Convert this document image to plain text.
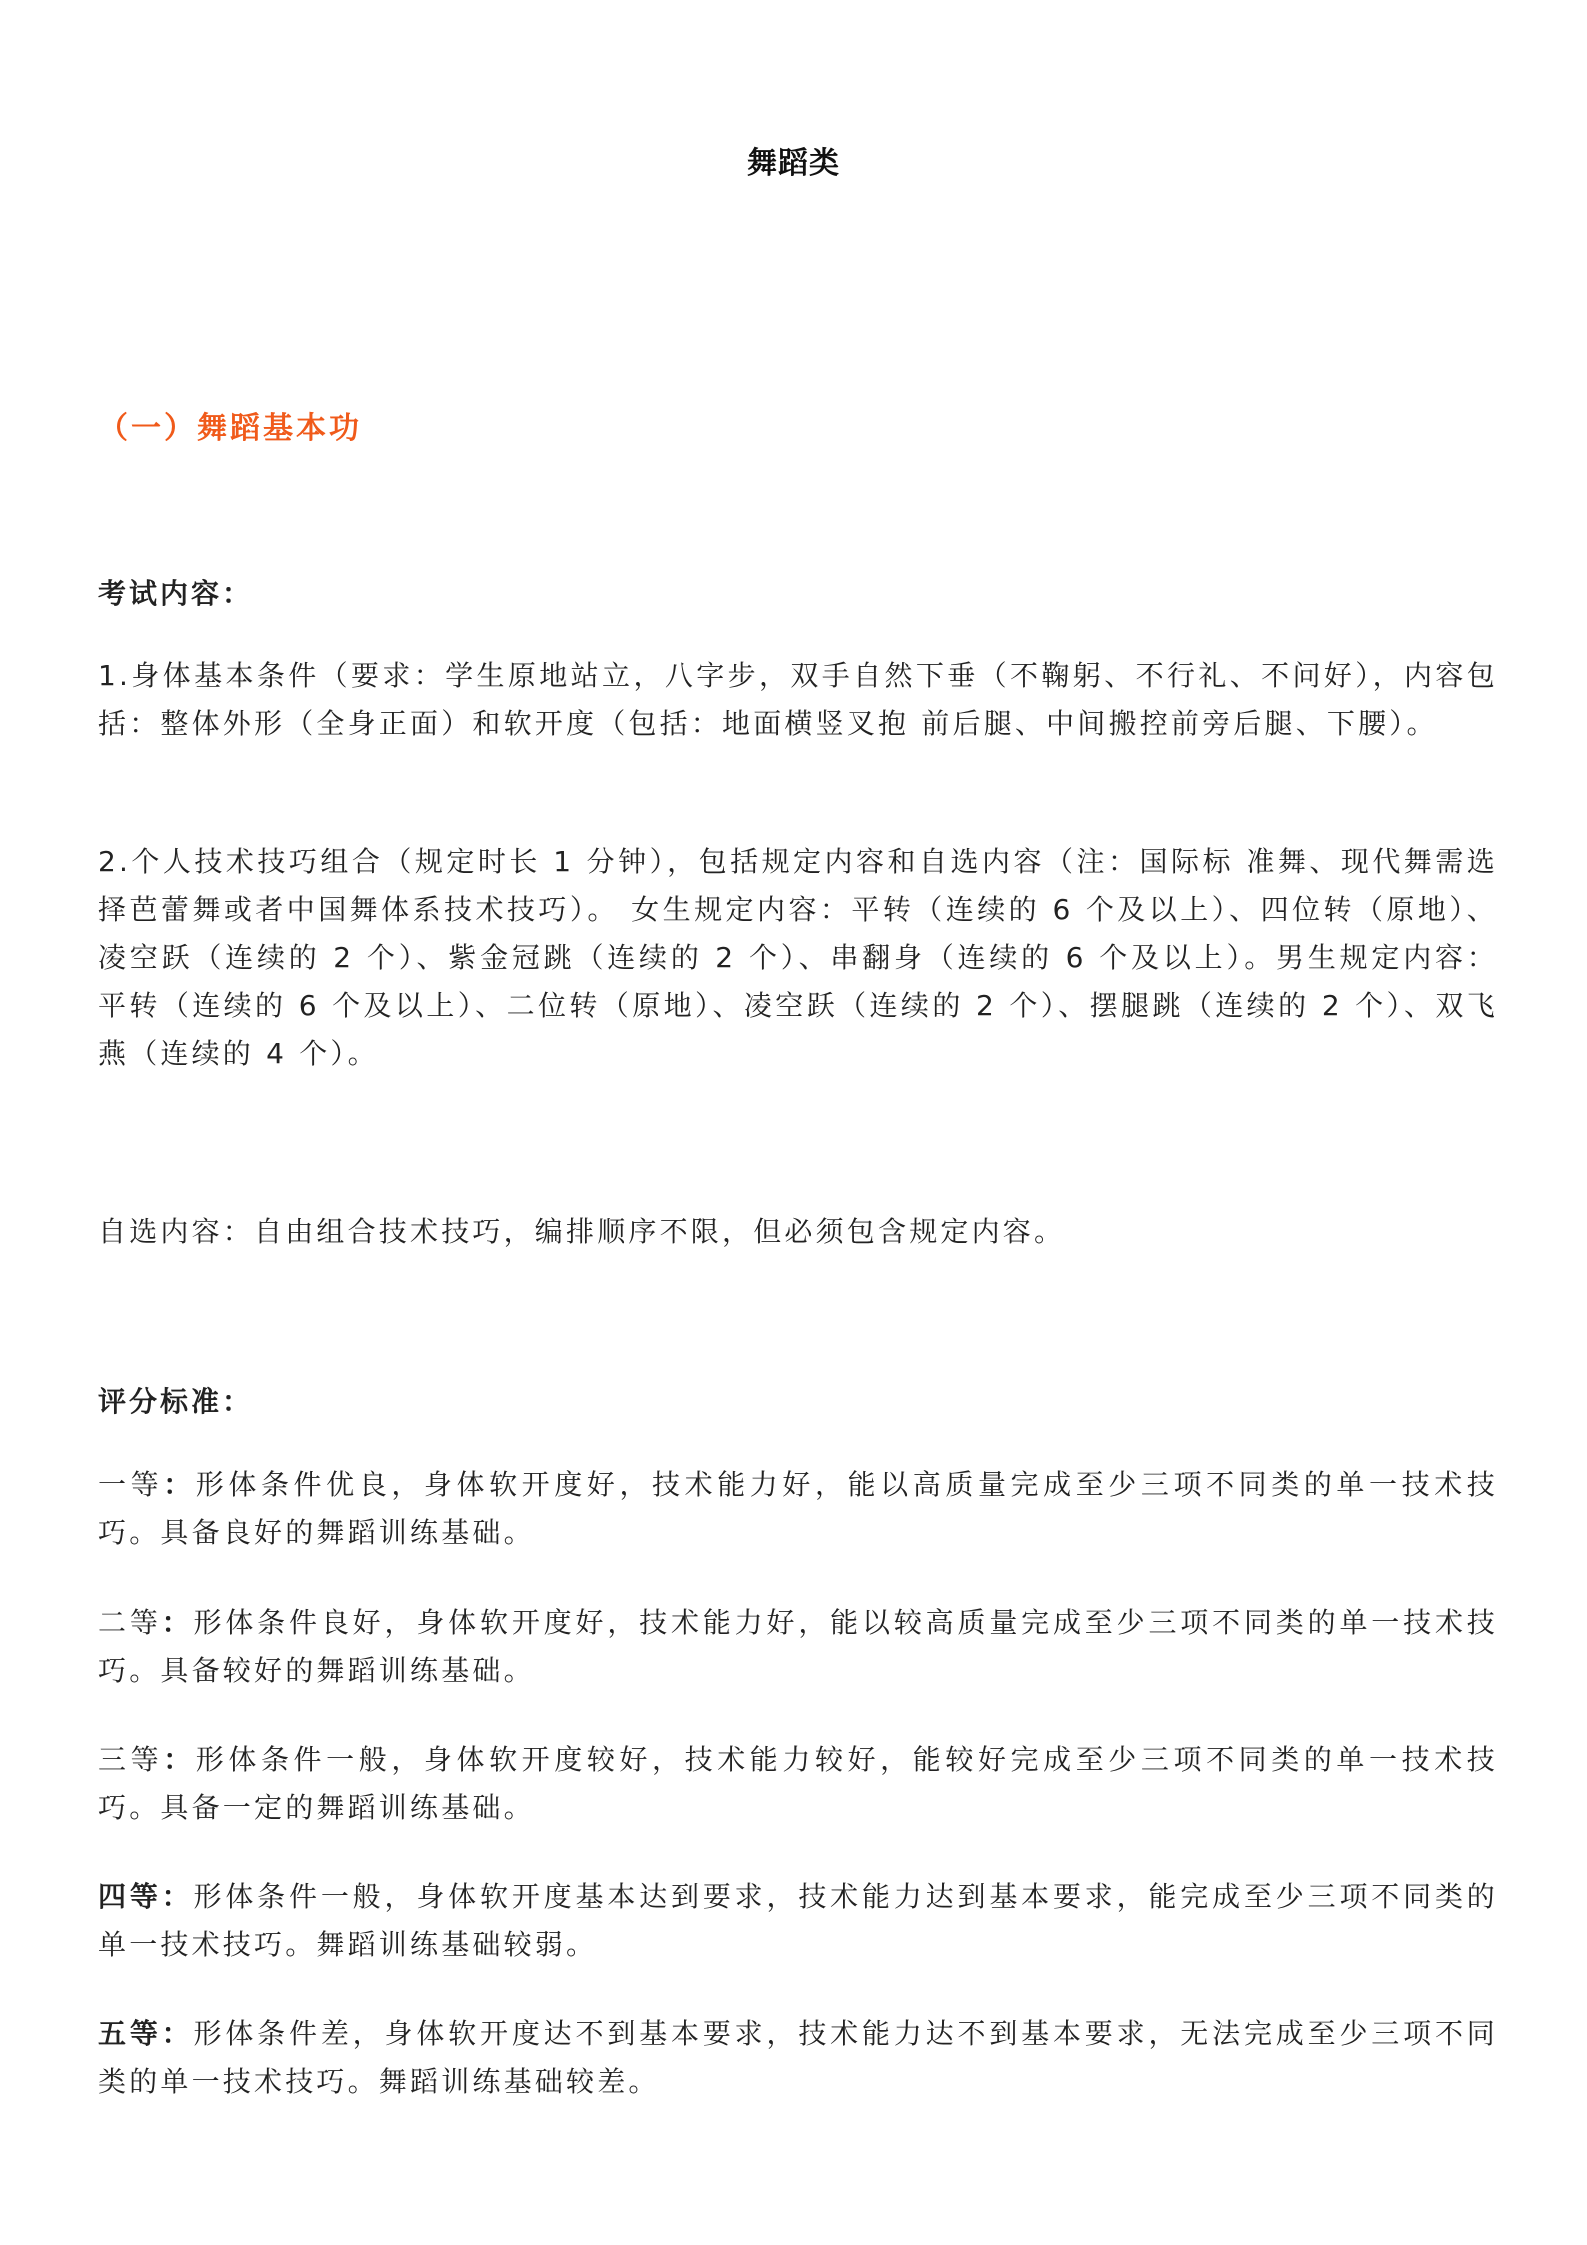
舞蹈类
（一）舞蹈基本功
考试内容：
1.身体基本条件（要求：学生原地站立，八字步，双手自然下垂（不鞠躬、不行礼、不问好），内容包括：整体外形（全身正面）和软开度（包括：地面横竖叉抱 前后腿、中间搬控前旁后腿、下腰）。
2.个人技术技巧组合（规定时长 1 分钟），包括规定内容和自选内容（注：国际标 准舞、现代舞需选择芭蕾舞或者中国舞体系技术技巧）。 女生规定内容：平转（连续的 6 个及以上）、四位转（原地）、凌空跃（连续的 2 个）、紫金冠跳（连续的 2 个）、串翻身（连续的 6 个及以上）。男生规定内容：平转（连续的 6 个及以上）、二位转（原地）、凌空跃（连续的 2 个）、摆腿跳（连续的 2 个）、双飞燕（连续的 4 个）。
自选内容：自由组合技术技巧，编排顺序不限，但必须包含规定内容。
评分标准：
一等：形体条件优良，身体软开度好，技术能力好，能以高质量完成至少三项不同类的单一技术技巧。具备良好的舞蹈训练基础。
二等：形体条件良好，身体软开度好，技术能力好，能以较高质量完成至少三项不同类的单一技术技巧。具备较好的舞蹈训练基础。
三等：形体条件一般，身体软开度较好，技术能力较好，能较好完成至少三项不同类的单一技术技巧。具备一定的舞蹈训练基础。
四等：形体条件一般，身体软开度基本达到要求，技术能力达到基本要求，能完成至少三项不同类的单一技术技巧。舞蹈训练基础较弱。
五等：形体条件差，身体软开度达不到基本要求，技术能力达不到基本要求，无法完成至少三项不同类的单一技术技巧。舞蹈训练基础较差。
